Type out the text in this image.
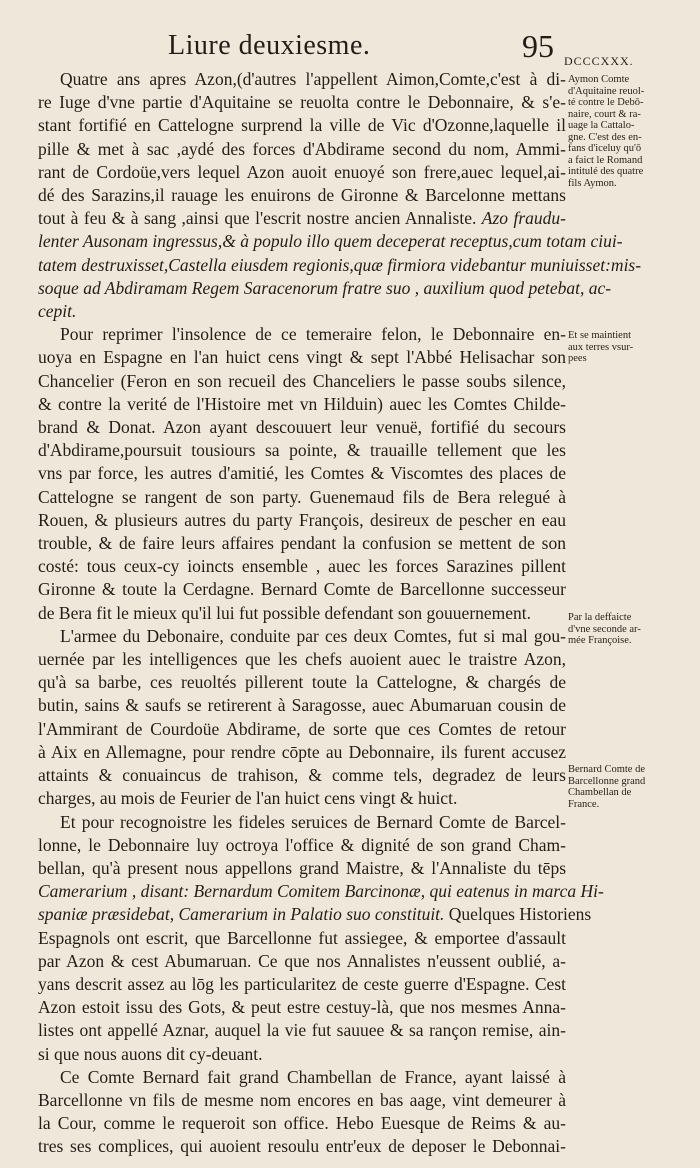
Liure deuxiesme.	95 DCCCXXX.
Quatre ans apres Azon,(d'autres l'appellent Aimon,Comte,c'est à di-
re Iuge d'vne partie d'Aquitaine se reuolta contre le Debonnaire, & s'e-
stant fortifié en Cattelogne surprend la ville de Vic d'Ozonne,laquelle il
pille & met à sac ,aydé des forces d'Abdirame second du nom, Ammi-
rant de Cordoüe,vers lequel Azon auoit enuoyé son frere,auec lequel,ai-
dé des Sarazins,il rauage les enuirons de Gironne & Barcelonne mettans
tout à feu & à sang ,ainsi que l'escrit nostre ancien Annaliste. Azo fraudu-
lenter Ausonam ingressus,& à populo illo quem deceperat receptus,cum totam ciui-
tatem destruxisset,Castella eiusdem regionis,quæ firmiora videbantur muniuisset:mis-
soque ad Abdiramam Regem Saracenorum fratre suo , auxilium quod petebat, ac-
cepit.
Pour reprimer l'insolence de ce temeraire felon, le Debonnaire en-
uoya en Espagne en l'an huict cens vingt & sept l'Abbé Helisachar son
Chancelier (Feron en son recueil des Chanceliers le passe soubs silence,
& contre la verité de l'Histoire met vn Hilduin) auec les Comtes Childe-
brand & Donat. Azon ayant descouuert leur venuë, fortifié du secours
d'Abdirame,poursuit tousiours sa pointe, & trauaille tellement que les
vns par force, les autres d'amitié, les Comtes & Viscomtes des places de
Cattelogne se rangent de son party. Guenemaud fils de Bera relegué à
Rouen, & plusieurs autres du party François, desireux de pescher en eau
trouble, & de faire leurs affaires pendant la confusion se mettent de son
costé: tous ceux-cy ioincts ensemble , auec les forces Sarazines pillent
Gironne & toute la Cerdagne. Bernard Comte de Barcellonne successeur
de Bera fit le mieux qu'il lui fut possible defendant son gouuernement.
L'armee du Debonaire, conduite par ces deux Comtes, fut si mal gou-
uernée par les intelligences que les chefs auoient auec le traistre Azon,
qu'à sa barbe, ces reuoltés pillerent toute la Cattelogne, & chargés de
butin, sains & saufs se retirerent à Saragosse, auec Abumaruan cousin de
l'Ammirant de Courdoüe Abdirame, de sorte que ces Comtes de retour
à Aix en Allemagne, pour rendre cōpte au Debonnaire, ils furent accusez
attaints & conuaincus de trahison, & comme tels, degradez de leurs
charges, au mois de Feurier de l'an huict cens vingt & huict.
Et pour recognoistre les fideles seruices de Bernard Comte de Barcel-
lonne, le Debonnaire luy octroya l'office & dignité de son grand Cham-
bellan, qu'à present nous appellons grand Maistre, & l'Annaliste du tēps
Camerarium , disant: Bernardum Comitem Barcinonæ, qui eatenus in marca Hi-
spaniæ præsidebat, Camerarium in Palatio suo constituit. Quelques Historiens
Espagnols ont escrit, que Barcellonne fut assiegee, & emportee d'assault
par Azon & cest Abumaruan. Ce que nos Annalistes n'eussent oublié, a-
yans descrit assez au lōg les particularitez de ceste guerre d'Espagne. Cest
Azon estoit issu des Gots, & peut estre cestuy-là, que nos mesmes Anna-
listes ont appellé Aznar, auquel la vie fut sauuee & sa rançon remise, ain-
si que nous auons dit cy-deuant.
Ce Comte Bernard fait grand Chambellan de France, ayant laissé à
Barcellonne vn fils de mesme nom encores en bas aage, vint demeurer à
la Cour, comme le requeroit son office. Hebo Euesque de Reims & au-
tres ses complices, qui auoient resoulu entr'eux de deposer le Debonnai-
Aymon Comte
d'Aquitaine reuol-
té contre le Debō-
naire, court & ra-
uage la Cattalo-
gne. C'est des en-
fans d'iceluy qu'ō
a faict le Romand
intitulé des quatre
fils Aymon.
Et se maintient
aux terres vsur-
pees
Par la deffaicte
d'vne seconde ar-
mée Françoise.
Bernard Comte de
Barcellonne grand
Chambellan de
France.
